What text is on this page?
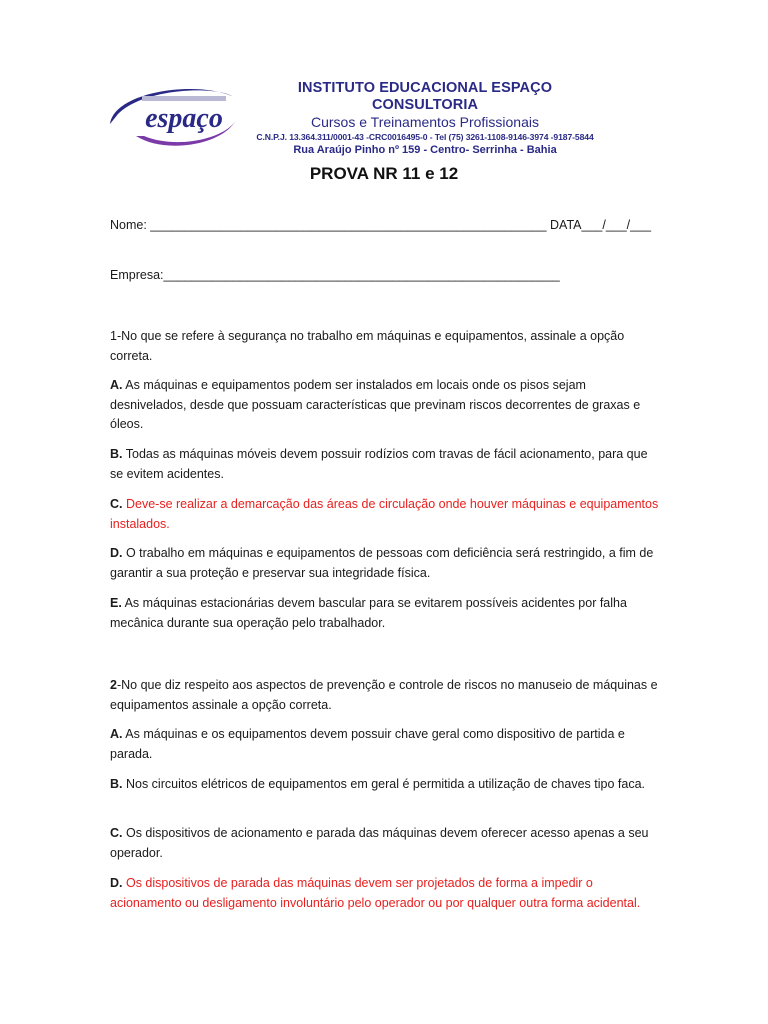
espaço
INSTITUTO EDUCACIONAL ESPAÇO CONSULTORIA
Cursos e Treinamentos Profissionais
C.N.P.J. 13.364.311/0001-43 -CRC0016495-0 - Tel (75) 3261-1108-9146-3974 -9187-5844
Rua Araújo Pinho nº 159 - Centro- Serrinha - Bahia
PROVA NR 11 e 12
Nome: _________________________________________________________ DATA___/___/___
Empresa:_________________________________________________________
1-No que se refere à segurança no trabalho em máquinas e equipamentos, assinale a opção correta.
A. As máquinas e equipamentos podem ser instalados em locais onde os pisos sejam desnivelados, desde que possuam características que previnam riscos decorrentes de graxas e óleos.
B. Todas as máquinas móveis devem possuir rodízios com travas de fácil acionamento, para que se evitem acidentes.
C. Deve-se realizar a demarcação das áreas de circulação onde houver máquinas e equipamentos instalados.
D. O trabalho em máquinas e equipamentos de pessoas com deficiência será restringido, a fim de garantir a sua proteção e preservar sua integridade física.
E. As máquinas estacionárias devem bascular para se evitarem possíveis acidentes por falha mecânica durante sua operação pelo trabalhador.
2-No que diz respeito aos aspectos de prevenção e controle de riscos no manuseio de máquinas e equipamentos assinale a opção correta.
A. As máquinas e os equipamentos devem possuir chave geral como dispositivo de partida e parada.
B. Nos circuitos elétricos de equipamentos em geral é permitida a utilização de chaves tipo faca.
C. Os dispositivos de acionamento e parada das máquinas devem oferecer acesso apenas a seu operador.
D. Os dispositivos de parada das máquinas devem ser projetados de forma a impedir o acionamento ou desligamento involuntário pelo operador ou por qualquer outra forma acidental.
